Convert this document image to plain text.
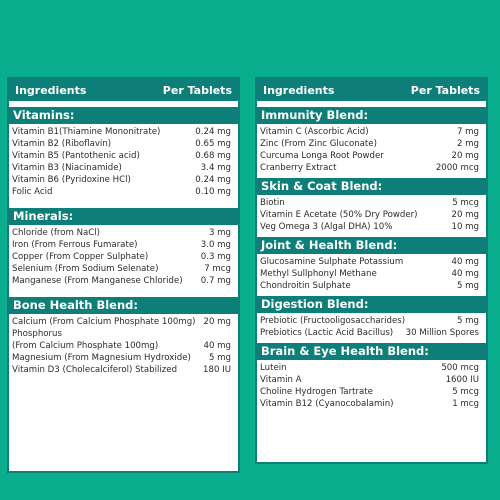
Ingredients	Per Tablets
Vitamins:
Vitamin B1(Thiamine Mononitrate)	0.24 mg
Vitamin B2 (Riboflavin)	0.65 mg
Vitamin B5 (Pantothenic acid)	0.68 mg
Vitamin B3 (Niacinamide)	3.4 mg
Vitamin B6 (Pyridoxine HCl)	0.24 mg
Folic Acid	0.10 mg
Minerals:
Chloride (from NaCl)	3 mg
Iron (From Ferrous Fumarate)	3.0 mg
Copper (From Copper Sulphate)	0.3 mg
Selenium (From Sodium Selenate)	7 mcg
Manganese (From Manganese Chloride) 0.7 mg
Bone Health Blend:
Calcium (From Calcium Phosphate 100mg) 20 mg
Phosphorus
(From Calcium Phosphate 100mg)	40 mg
Magnesium (From Magnesium Hydroxide) 5 mg
Vitamin D3 (Cholecalciferol) Stabilized	180 IU
Ingredients	Per Tablets
Immunity Blend:
Vitamin C (Ascorbic Acid)	7 mg
Zinc (From Zinc Gluconate)	2 mg
Curcuma Longa Root Powder	20 mg
Cranberry Extract	2000 mcg
Skin & Coat Blend:
Biotin	5 mcg
Vitamin E Acetate (50% Dry Powder)	20 mg
Veg Omega 3 (Algal DHA) 10%	10 mg
Joint & Health Blend:
Glucosamine Sulphate Potassium	40 mg
Methyl Sullphonyl Methane	40 mg
Chondroitin Sulphate	5 mg
Digestion Blend:
Prebiotic (Fructooligosaccharides)	5 mg
Prebiotics (Lactic Acid Bacillus) 30 Million Spores
Brain & Eye Health Blend:
Lutein	500 mcg
Vitamin A	1600 IU
Choline Hydrogen Tartrate	5 mcg
Vitamin B12 (Cyanocobalamin)	1 mcg
